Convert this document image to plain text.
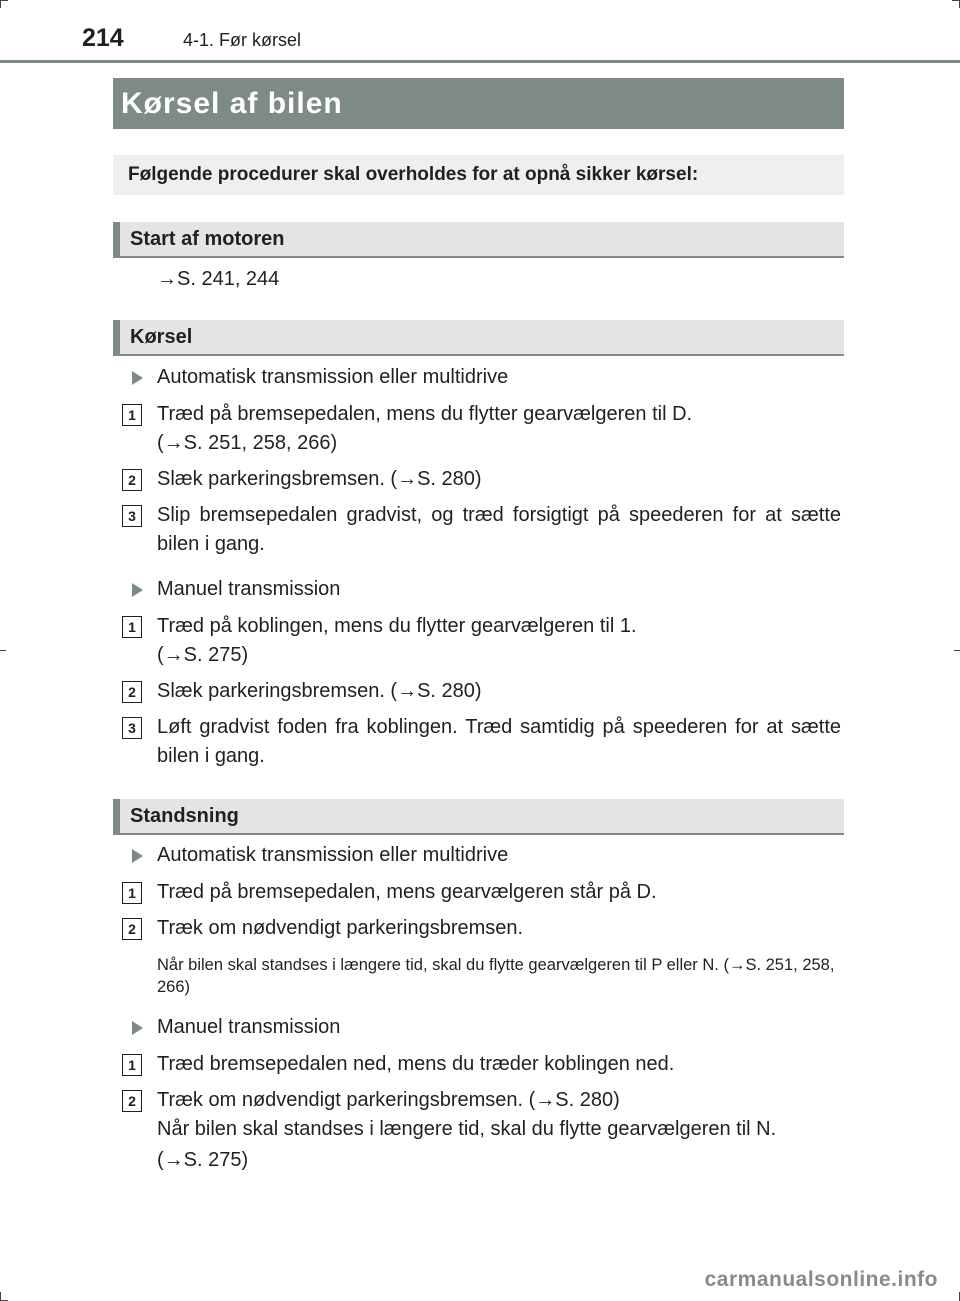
214	4-1. Før kørsel
Kørsel af bilen
Følgende procedurer skal overholdes for at opnå sikker kørsel:
Start af motoren
→S. 241, 244
Kørsel
Automatisk transmission eller multidrive
1	Træd på bremsepedalen, mens du flytter gearvælgeren til D.
(→S. 251, 258, 266)
2	Slæk parkeringsbremsen. (→S. 280)
3	Slip bremsepedalen gradvist, og træd forsigtigt på speederen for at sætte bilen i gang.
Manuel transmission
1	Træd på koblingen, mens du flytter gearvælgeren til 1.
(→S. 275)
2	Slæk parkeringsbremsen. (→S. 280)
3	Løft gradvist foden fra koblingen. Træd samtidig på speederen for at sætte bilen i gang.
Standsning
Automatisk transmission eller multidrive
1	Træd på bremsepedalen, mens gearvælgeren står på D.
2	Træk om nødvendigt parkeringsbremsen.
Når bilen skal standses i længere tid, skal du flytte gearvælgeren til P eller N. (→S. 251, 258, 266)
Manuel transmission
1	Træd bremsepedalen ned, mens du træder koblingen ned.
2	Træk om nødvendigt parkeringsbremsen. (→S. 280)
Når bilen skal standses i længere tid, skal du flytte gearvælgeren til N.
(→S. 275)
carmanualsonline.info
